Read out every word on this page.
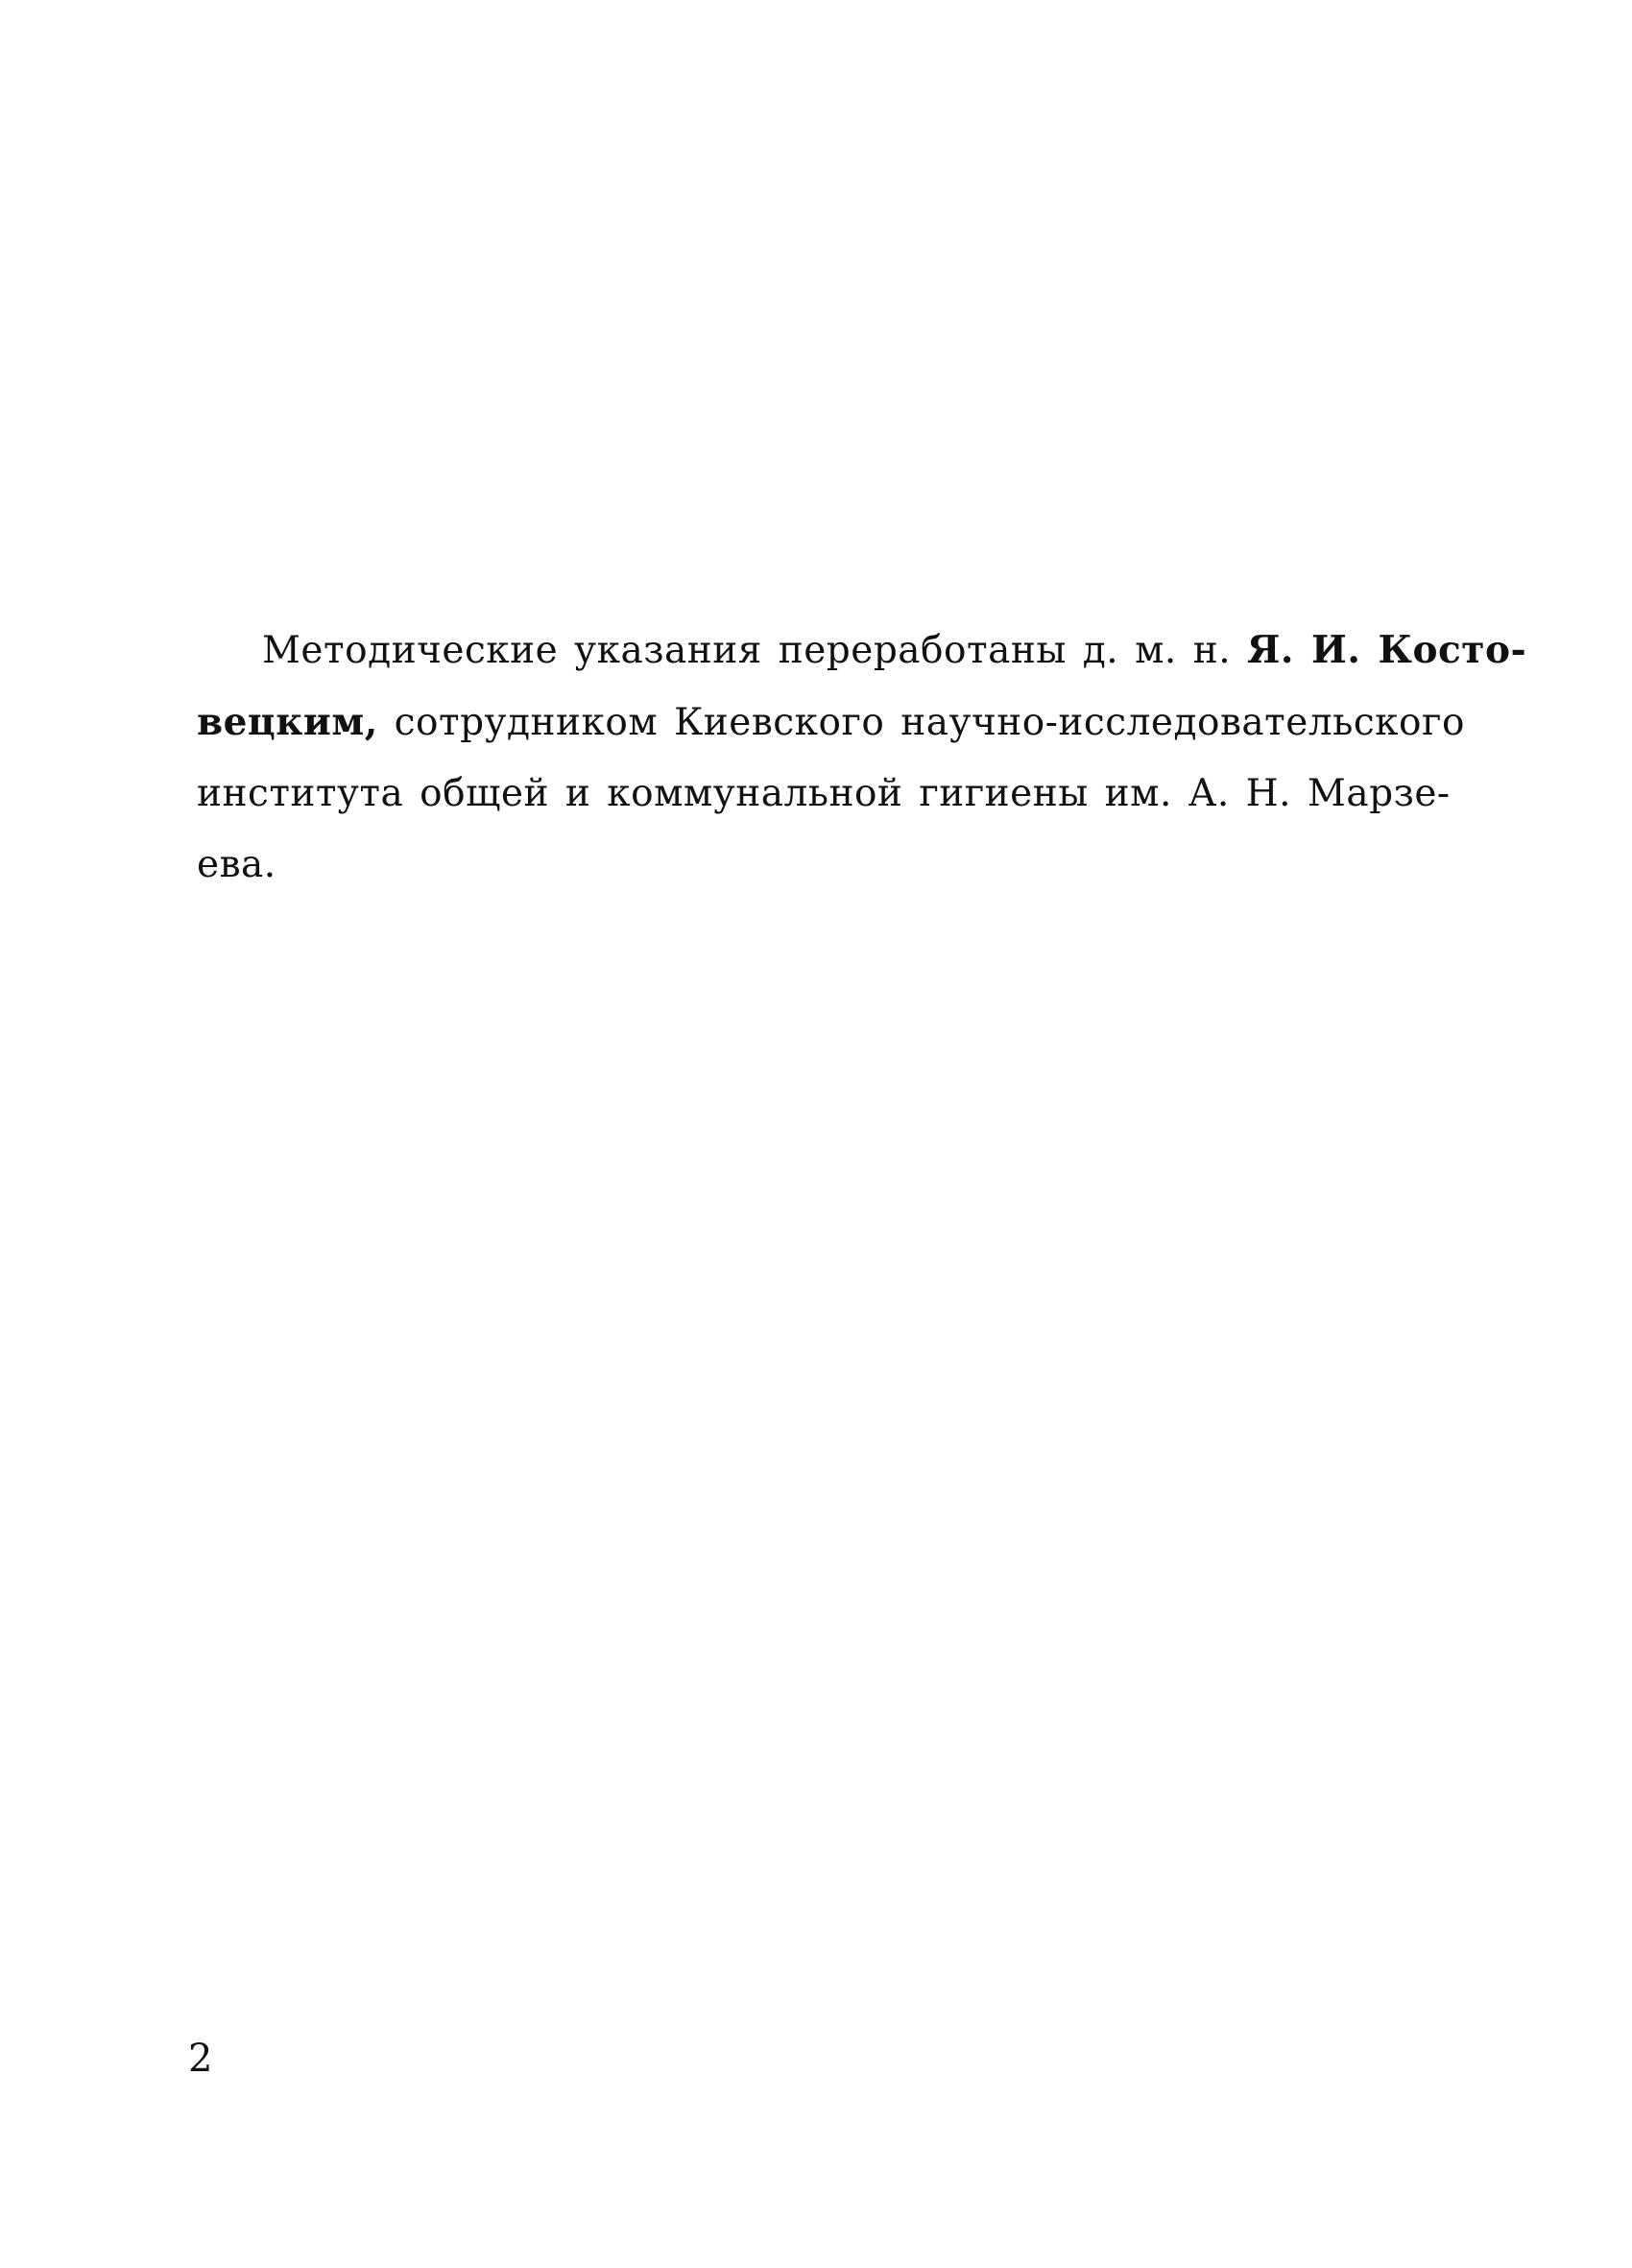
Методические указания переработаны д. м. н. Я. И. Косто-
вецким, сотрудником Киевского научно-исследовательского
института общей и коммунальной гигиены им. А. Н. Марзе-
ева.
2
